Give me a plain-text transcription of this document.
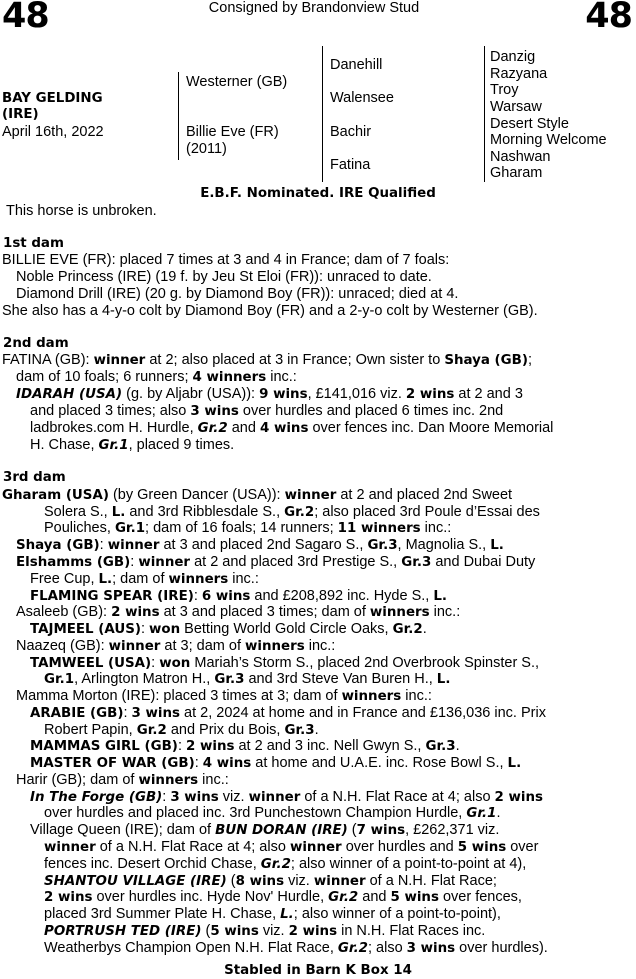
48	Consigned by Brandonview Stud	48
BAY GELDING
(IRE)
April 16th, 2022
Westerner (GB)
Billie Eve (FR)
(2011)
Danehill
Walensee
Bachir
Fatina
Danzig
Razyana
Troy
Warsaw
Desert Style
Morning Welcome
Nashwan
Gharam
E.B.F. Nominated. IRE Qualified
This horse is unbroken.
1st dam
BILLIE EVE (FR): placed 7 times at 3 and 4 in France; dam of 7 foals:
Noble Princess (IRE) (19 f. by Jeu St Eloi (FR)): unraced to date.
Diamond Drill (IRE) (20 g. by Diamond Boy (FR)): unraced; died at 4.
She also has a 4-y-o colt by Diamond Boy (FR) and a 2-y-o colt by Westerner (GB).
2nd dam
FATINA (GB): winner at 2; also placed at 3 in France; Own sister to Shaya (GB);
dam of 10 foals; 6 runners; 4 winners inc.:
IDARAH (USA) (g. by Aljabr (USA)): 9 wins, £141,016 viz. 2 wins at 2 and 3
and placed 3 times; also 3 wins over hurdles and placed 6 times inc. 2nd
ladbrokes.com H. Hurdle, Gr.2 and 4 wins over fences inc. Dan Moore Memorial
H. Chase, Gr.1, placed 9 times.
3rd dam
Gharam (USA) (by Green Dancer (USA)): winner at 2 and placed 2nd Sweet
Solera S., L. and 3rd Ribblesdale S., Gr.2; also placed 3rd Poule d’Essai des
Pouliches, Gr.1; dam of 16 foals; 14 runners; 11 winners inc.:
Shaya (GB): winner at 3 and placed 2nd Sagaro S., Gr.3, Magnolia S., L.
Elshamms (GB): winner at 2 and placed 3rd Prestige S., Gr.3 and Dubai Duty
Free Cup, L.; dam of winners inc.:
FLAMING SPEAR (IRE): 6 wins and £208,892 inc. Hyde S., L.
Asaleeb (GB): 2 wins at 3 and placed 3 times; dam of winners inc.:
TAJMEEL (AUS): won Betting World Gold Circle Oaks, Gr.2.
Naazeq (GB): winner at 3; dam of winners inc.:
TAMWEEL (USA): won Mariah’s Storm S., placed 2nd Overbrook Spinster S.,
Gr.1, Arlington Matron H., Gr.3 and 3rd Steve Van Buren H., L.
Mamma Morton (IRE): placed 3 times at 3; dam of winners inc.:
ARABIE (GB): 3 wins at 2, 2024 at home and in France and £136,036 inc. Prix
Robert Papin, Gr.2 and Prix du Bois, Gr.3.
MAMMAS GIRL (GB): 2 wins at 2 and 3 inc. Nell Gwyn S., Gr.3.
MASTER OF WAR (GB): 4 wins at home and U.A.E. inc. Rose Bowl S., L.
Harir (GB); dam of winners inc.:
In The Forge (GB): 3 wins viz. winner of a N.H. Flat Race at 4; also 2 wins
over hurdles and placed inc. 3rd Punchestown Champion Hurdle, Gr.1.
Village Queen (IRE); dam of BUN DORAN (IRE) (7 wins, £262,371 viz.
winner of a N.H. Flat Race at 4; also winner over hurdles and 5 wins over
fences inc. Desert Orchid Chase, Gr.2; also winner of a point-to-point at 4),
SHANTOU VILLAGE (IRE) (8 wins viz. winner of a N.H. Flat Race;
2 wins over hurdles inc. Hyde Nov' Hurdle, Gr.2 and 5 wins over fences,
placed 3rd Summer Plate H. Chase, L.; also winner of a point-to-point),
PORTRUSH TED (IRE) (5 wins viz. 2 wins in N.H. Flat Races inc.
Weatherbys Champion Open N.H. Flat Race, Gr.2; also 3 wins over hurdles).
Stabled in Barn K Box 14
